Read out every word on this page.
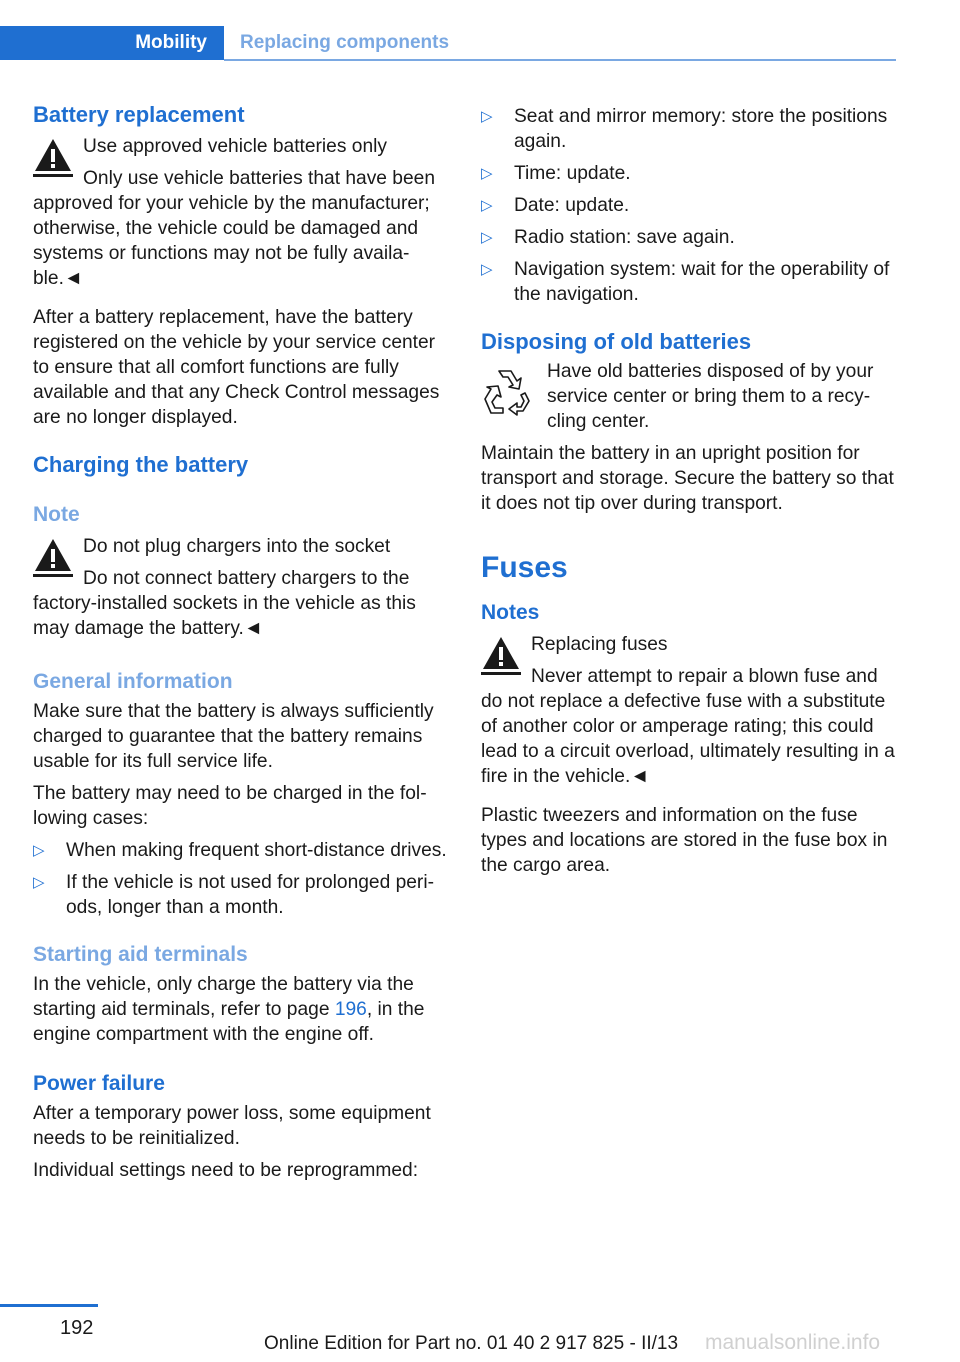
Mobility Replacing components
Battery replacement

Use approved vehicle batteries only

Only use vehicle batteries that have been approved for your vehicle by the manufacturer; otherwise, the vehicle could be damaged and systems or functions may not be fully availa‐ble.◄

After a battery replacement, have the battery registered on the vehicle by your service center to ensure that all comfort functions are fully available and that any Check Control messages are no longer displayed.

Charging the battery
Note

Do not plug chargers into the socket

Do not connect battery chargers to the factory-installed sockets in the vehicle as this may damage the battery.◄

General information

Make sure that the battery is always sufficiently charged to guarantee that the battery remains usable for its full service life.

The battery may need to be charged in the fol‐lowing cases:

▷ When making frequent short-distance drives.
▷ If the vehicle is not used for prolonged peri‐ods, longer than a month.
Starting aid terminals

In the vehicle, only charge the battery via the starting aid terminals, refer to page 196, in the engine compartment with the engine off.

Power failure

After a temporary power loss, some equipment needs to be reinitialized.

Individual settings need to be reprogrammed:

▷ Seat and mirror memory: store the positions again.
▷ Time: update.
▷ Date: update.
▷ Radio station: save again.
▷ Navigation system: wait for the operability of the navigation.
Disposing of old batteries

Have old batteries disposed of by your service center or bring them to a recy‐cling center.

Maintain the battery in an upright position for transport and storage. Secure the battery so that it does not tip over during transport.

Fuses
Notes

Replacing fuses

Never attempt to repair a blown fuse and do not replace a defective fuse with a substitute of another color or amperage rating; this could lead to a circuit overload, ultimately resulting in a fire in the vehicle.◄

Plastic tweezers and information on the fuse types and locations are stored in the fuse box in the cargo area.

192
Online Edition for Part no. 01 40 2 917 825 - II/13 manualsonline.info
